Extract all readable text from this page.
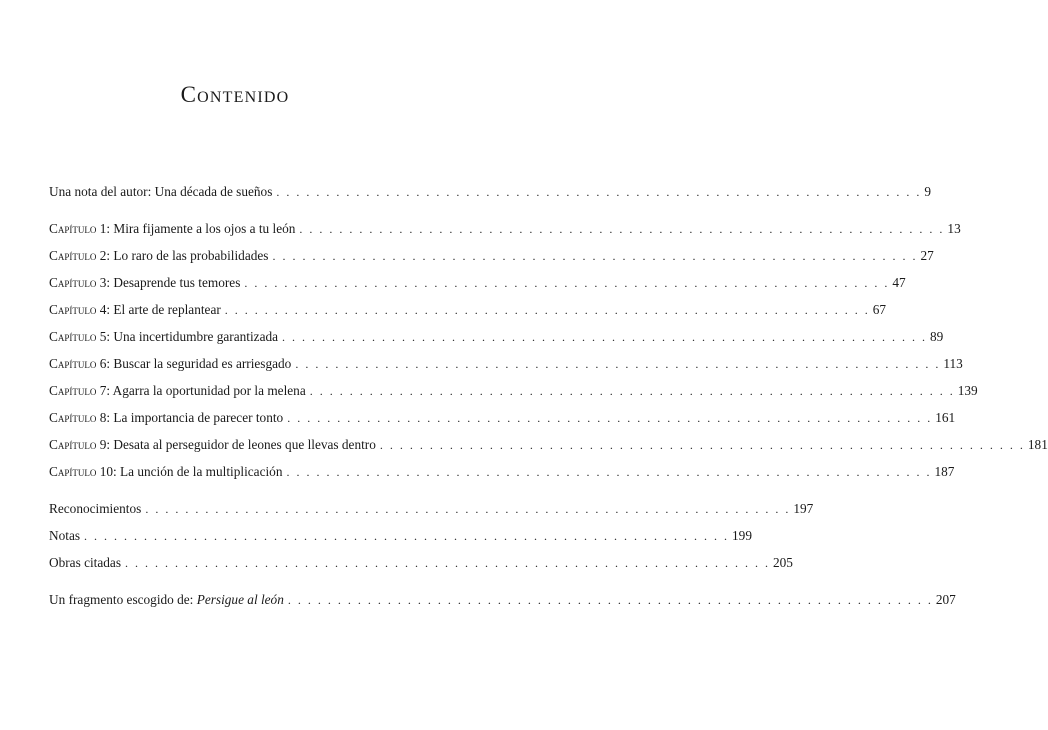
Contenido
Una nota del autor: Una década de sueños . . . . . . . . . . . . . . . . . . . . . . . . . . . . . . . . . . . . . . . . . . . . . . . . . . . . . . . . . . . . . . . . . 9
Capítulo 1: Mira fijamente a los ojos a tu león . . . . . . . . . . . . . . . . . . . . . . . . . . . . . . . . . . . . . . . . . . . . . . . . . . . . . . . . . . . . . . . . . 13
Capítulo 2: Lo raro de las probabilidades . . . . . . . . . . . . . . . . . . . . . . . . . . . . . . . . . . . . . . . . . . . . . . . . . . . . . . . . . . . . . . . . . 27
Capítulo 3: Desaprende tus temores . . . . . . . . . . . . . . . . . . . . . . . . . . . . . . . . . . . . . . . . . . . . . . . . . . . . . . . . . . . . . . . . . 47
Capítulo 4: El arte de replantear . . . . . . . . . . . . . . . . . . . . . . . . . . . . . . . . . . . . . . . . . . . . . . . . . . . . . . . . . . . . . . . . . 67
Capítulo 5: Una incertidumbre garantizada . . . . . . . . . . . . . . . . . . . . . . . . . . . . . . . . . . . . . . . . . . . . . . . . . . . . . . . . . . . . . . . . . 89
Capítulo 6: Buscar la seguridad es arriesgado . . . . . . . . . . . . . . . . . . . . . . . . . . . . . . . . . . . . . . . . . . . . . . . . . . . . . . . . . . . . . . . . . 113
Capítulo 7: Agarra la oportunidad por la melena . . . . . . . . . . . . . . . . . . . . . . . . . . . . . . . . . . . . . . . . . . . . . . . . . . . . . . . . . . . . . . . . . 139
Capítulo 8: La importancia de parecer tonto . . . . . . . . . . . . . . . . . . . . . . . . . . . . . . . . . . . . . . . . . . . . . . . . . . . . . . . . . . . . . . . . . 161
Capítulo 9: Desata al perseguidor de leones que llevas dentro . . . . . . . . . . . . . . . . . . . . . . . . . . . . . . . . . . . . . . . . . . . . . . . . . . . . . . . . . . . . . . . . . 181
Capítulo 10: La unción de la multiplicación . . . . . . . . . . . . . . . . . . . . . . . . . . . . . . . . . . . . . . . . . . . . . . . . . . . . . . . . . . . . . . . . . 187
Reconocimientos . . . . . . . . . . . . . . . . . . . . . . . . . . . . . . . . . . . . . . . . . . . . . . . . . . . . . . . . . . . . . . . . . 197
Notas . . . . . . . . . . . . . . . . . . . . . . . . . . . . . . . . . . . . . . . . . . . . . . . . . . . . . . . . . . . . . . . . . 199
Obras citadas . . . . . . . . . . . . . . . . . . . . . . . . . . . . . . . . . . . . . . . . . . . . . . . . . . . . . . . . . . . . . . . . . 205
Un fragmento escogido de: Persigue al león . . . . . . . . . . . . . . . . . . . . . . . . . . . . . . . . . . . . . . . . . . . . . . . . . . . . . . . . . . . . . . . . . 207
